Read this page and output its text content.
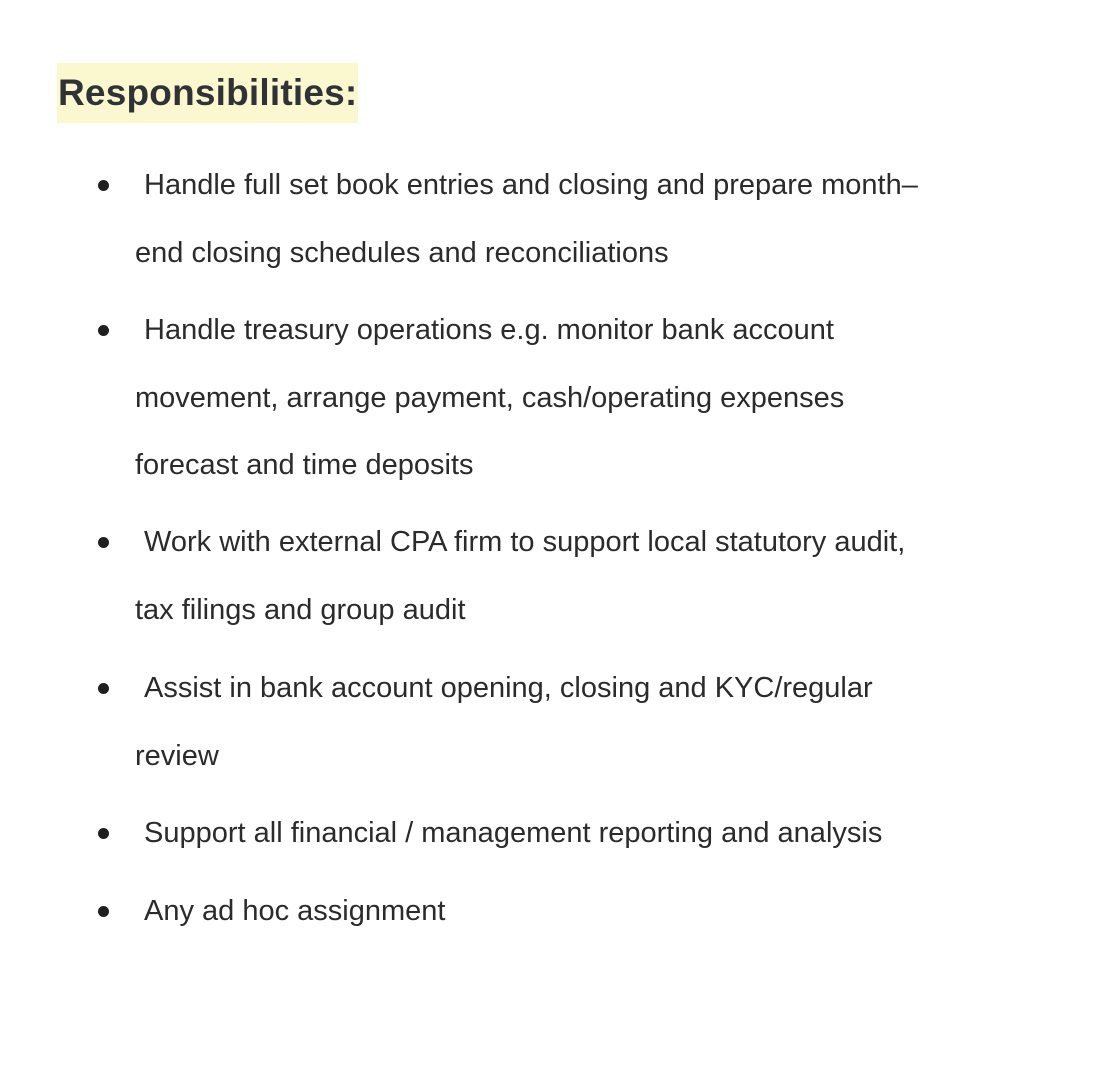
Responsibilities:
Handle full set book entries and closing and prepare month–
end closing schedules and reconciliations
Handle treasury operations e.g. monitor bank account
movement, arrange payment, cash/operating expenses
forecast and time deposits
Work with external CPA firm to support local statutory audit,
tax filings and group audit
Assist in bank account opening, closing and KYC/regular
review
Support all financial / management reporting and analysis
Any ad hoc assignment
